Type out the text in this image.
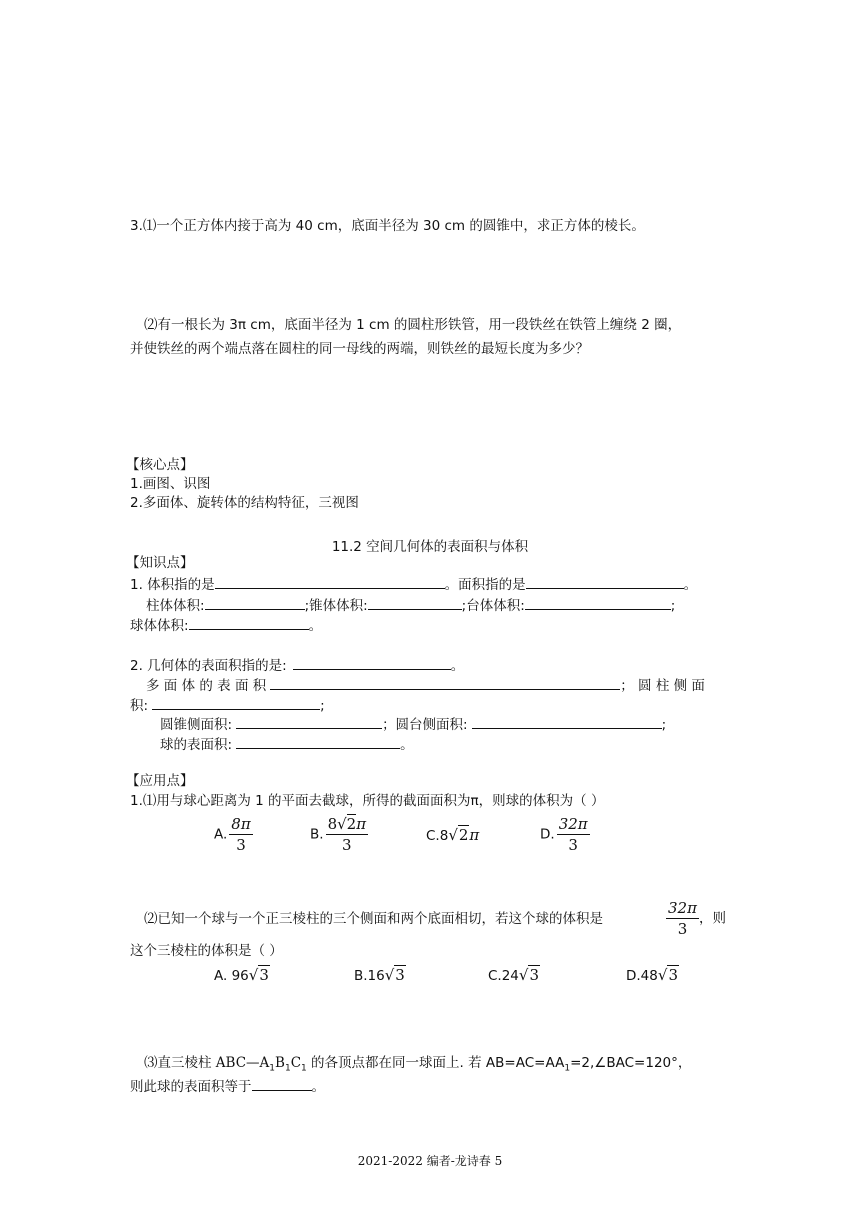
3.⑴一个正方体内接于高为 40 cm，底面半径为 30 cm 的圆锥中，求正方体的棱长。
⑵有一根长为 3π cm，底面半径为 1 cm 的圆柱形铁管，用一段铁丝在铁管上缠绕 2 圈，
并使铁丝的两个端点落在圆柱的同一母线的两端，则铁丝的最短长度为多少？
【核心点】
1.画图、识图
2.多面体、旋转体的结构特征，三视图
11.2 空间几何体的表面积与体积
【知识点】
1. 体积指的是	。面积指的是	。
柱体体积:	;锥体体积:	;台体体积:	;
球体体积:	。
2. 几何体的表面积指的是:	。
多 面 体 的 表 面 积	； 圆 柱 侧 面
积:	;
圆锥侧面积:	；圆台侧面积:	;
球的表面积:	。
【应用点】
1.⑴用与球心距离为 1 的平面去截球，所得的截面面积为π，则球的体积为（ ）
A. $\frac{8\pi}{3}$	B. $\frac{8√2\pi}{3}$	C.8√2π	D. $\frac{32\pi}{3}$
⑵已知一个球与一个正三棱柱的三个侧面和两个底面相切，若这个球的体积是	$\frac{32\pi}{3}$ ，则
这个三棱柱的体积是（ ）
A. 96√3	B.16√3	C.24√3	D.48√3
⑶直三棱柱 $ABC—A_1B_1C_1$ 的各顶点都在同一球面上. 若 $AB=AC=AA_1=2,\angle BAC=120^\circ$，
则此球的表面积等于	。
2021-2022 编者-龙诗春 5
